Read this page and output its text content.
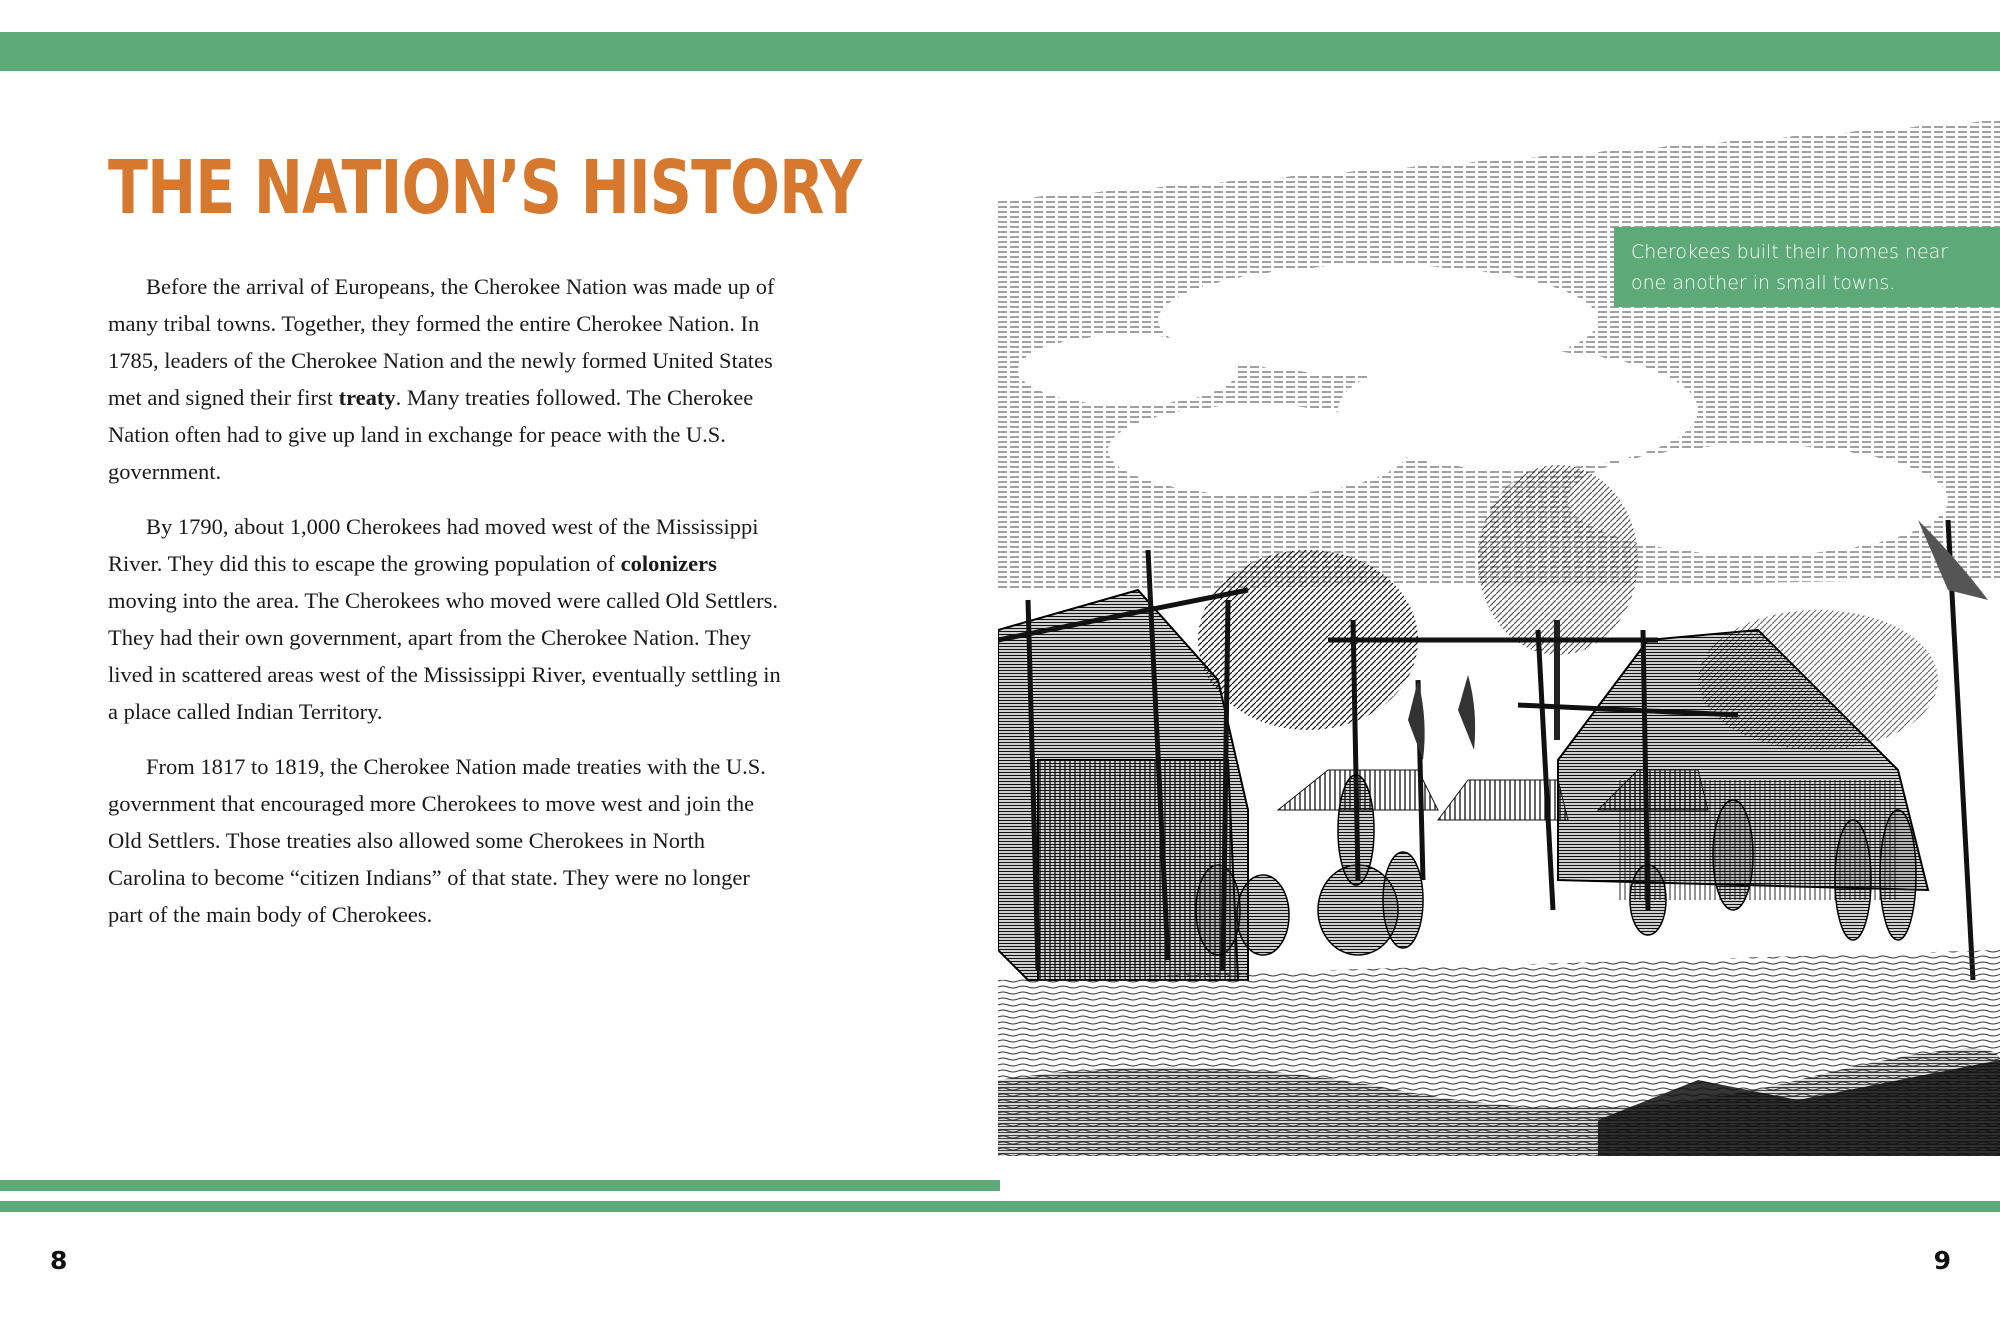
THE NATION’S HISTORY

Before the arrival of Europeans, the Cherokee Nation was made up of many tribal towns. Together, they formed the entire Cherokee Nation. In 1785, leaders of the Cherokee Nation and the newly formed United States met and signed their first treaty. Many treaties followed. The Cherokee Nation often had to give up land in exchange for peace with the U.S. government.

By 1790, about 1,000 Cherokees had moved west of the Mississippi River. They did this to escape the growing population of colonizers moving into the area. The Cherokees who moved were called Old Settlers. They had their own government, apart from the Cherokee Nation. They lived in scattered areas west of the Mississippi River, eventually settling in a place called Indian Territory.

From 1817 to 1819, the Cherokee Nation made treaties with the U.S. government that encouraged more Cherokees to move west and join the Old Settlers. Those treaties also allowed some Cherokees in North Carolina to become “citizen Indians” of that state. They were no longer part of the main body of Cherokees.

Cherokees built their homes near one another in small towns.
8	9
